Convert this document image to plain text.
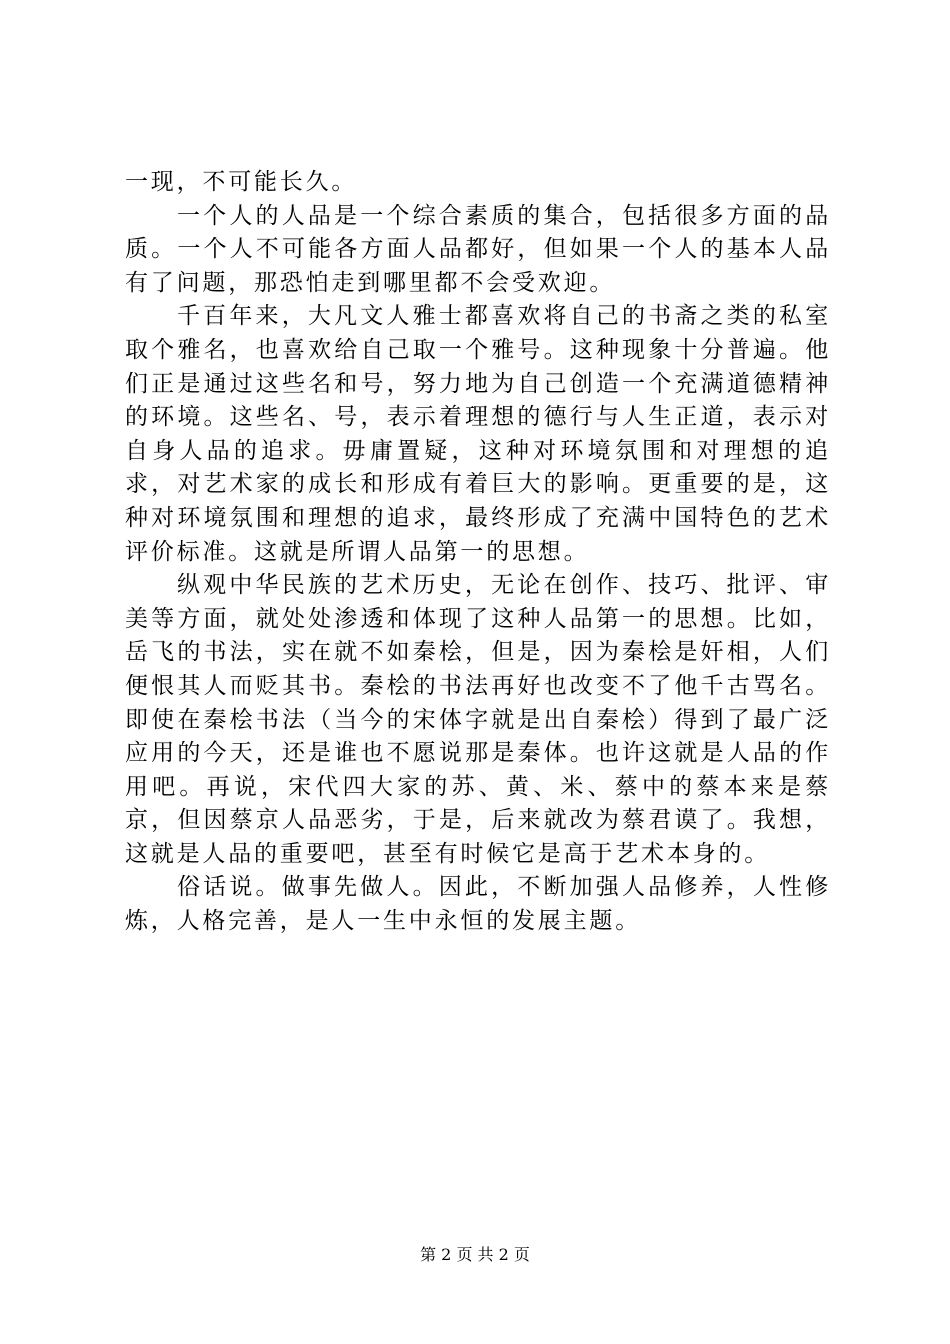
一现，不可能长久。

一个人的人品是一个综合素质的集合，包括很多方面的品质。一个人不可能各方面人品都好，但如果一个人的基本人品有了问题，那恐怕走到哪里都不会受欢迎。

千百年来，大凡文人雅士都喜欢将自己的书斋之类的私室取个雅名，也喜欢给自己取一个雅号。这种现象十分普遍。他们正是通过这些名和号，努力地为自己创造一个充满道德精神的环境。这些名、号，表示着理想的德行与人生正道，表示对自身人品的追求。毋庸置疑，这种对环境氛围和对理想的追求，对艺术家的成长和形成有着巨大的影响。更重要的是，这种对环境氛围和理想的追求，最终形成了充满中国特色的艺术评价标准。这就是所谓人品第一的思想。

纵观中华民族的艺术历史，无论在创作、技巧、批评、审美等方面，就处处渗透和体现了这种人品第一的思想。比如，岳飞的书法，实在就不如秦桧，但是，因为秦桧是奸相，人们便恨其人而贬其书。秦桧的书法再好也改变不了他千古骂名。即使在秦桧书法（当今的宋体字就是出自秦桧）得到了最广泛应用的今天，还是谁也不愿说那是秦体。也许这就是人品的作用吧。再说，宋代四大家的苏、黄、米、蔡中的蔡本来是蔡京，但因蔡京人品恶劣，于是，后来就改为蔡君谟了。我想，这就是人品的重要吧，甚至有时候它是高于艺术本身的。

俗话说。做事先做人。因此，不断加强人品修养，人性修炼，人格完善，是人一生中永恒的发展主题。

第 2 页 共 2 页
